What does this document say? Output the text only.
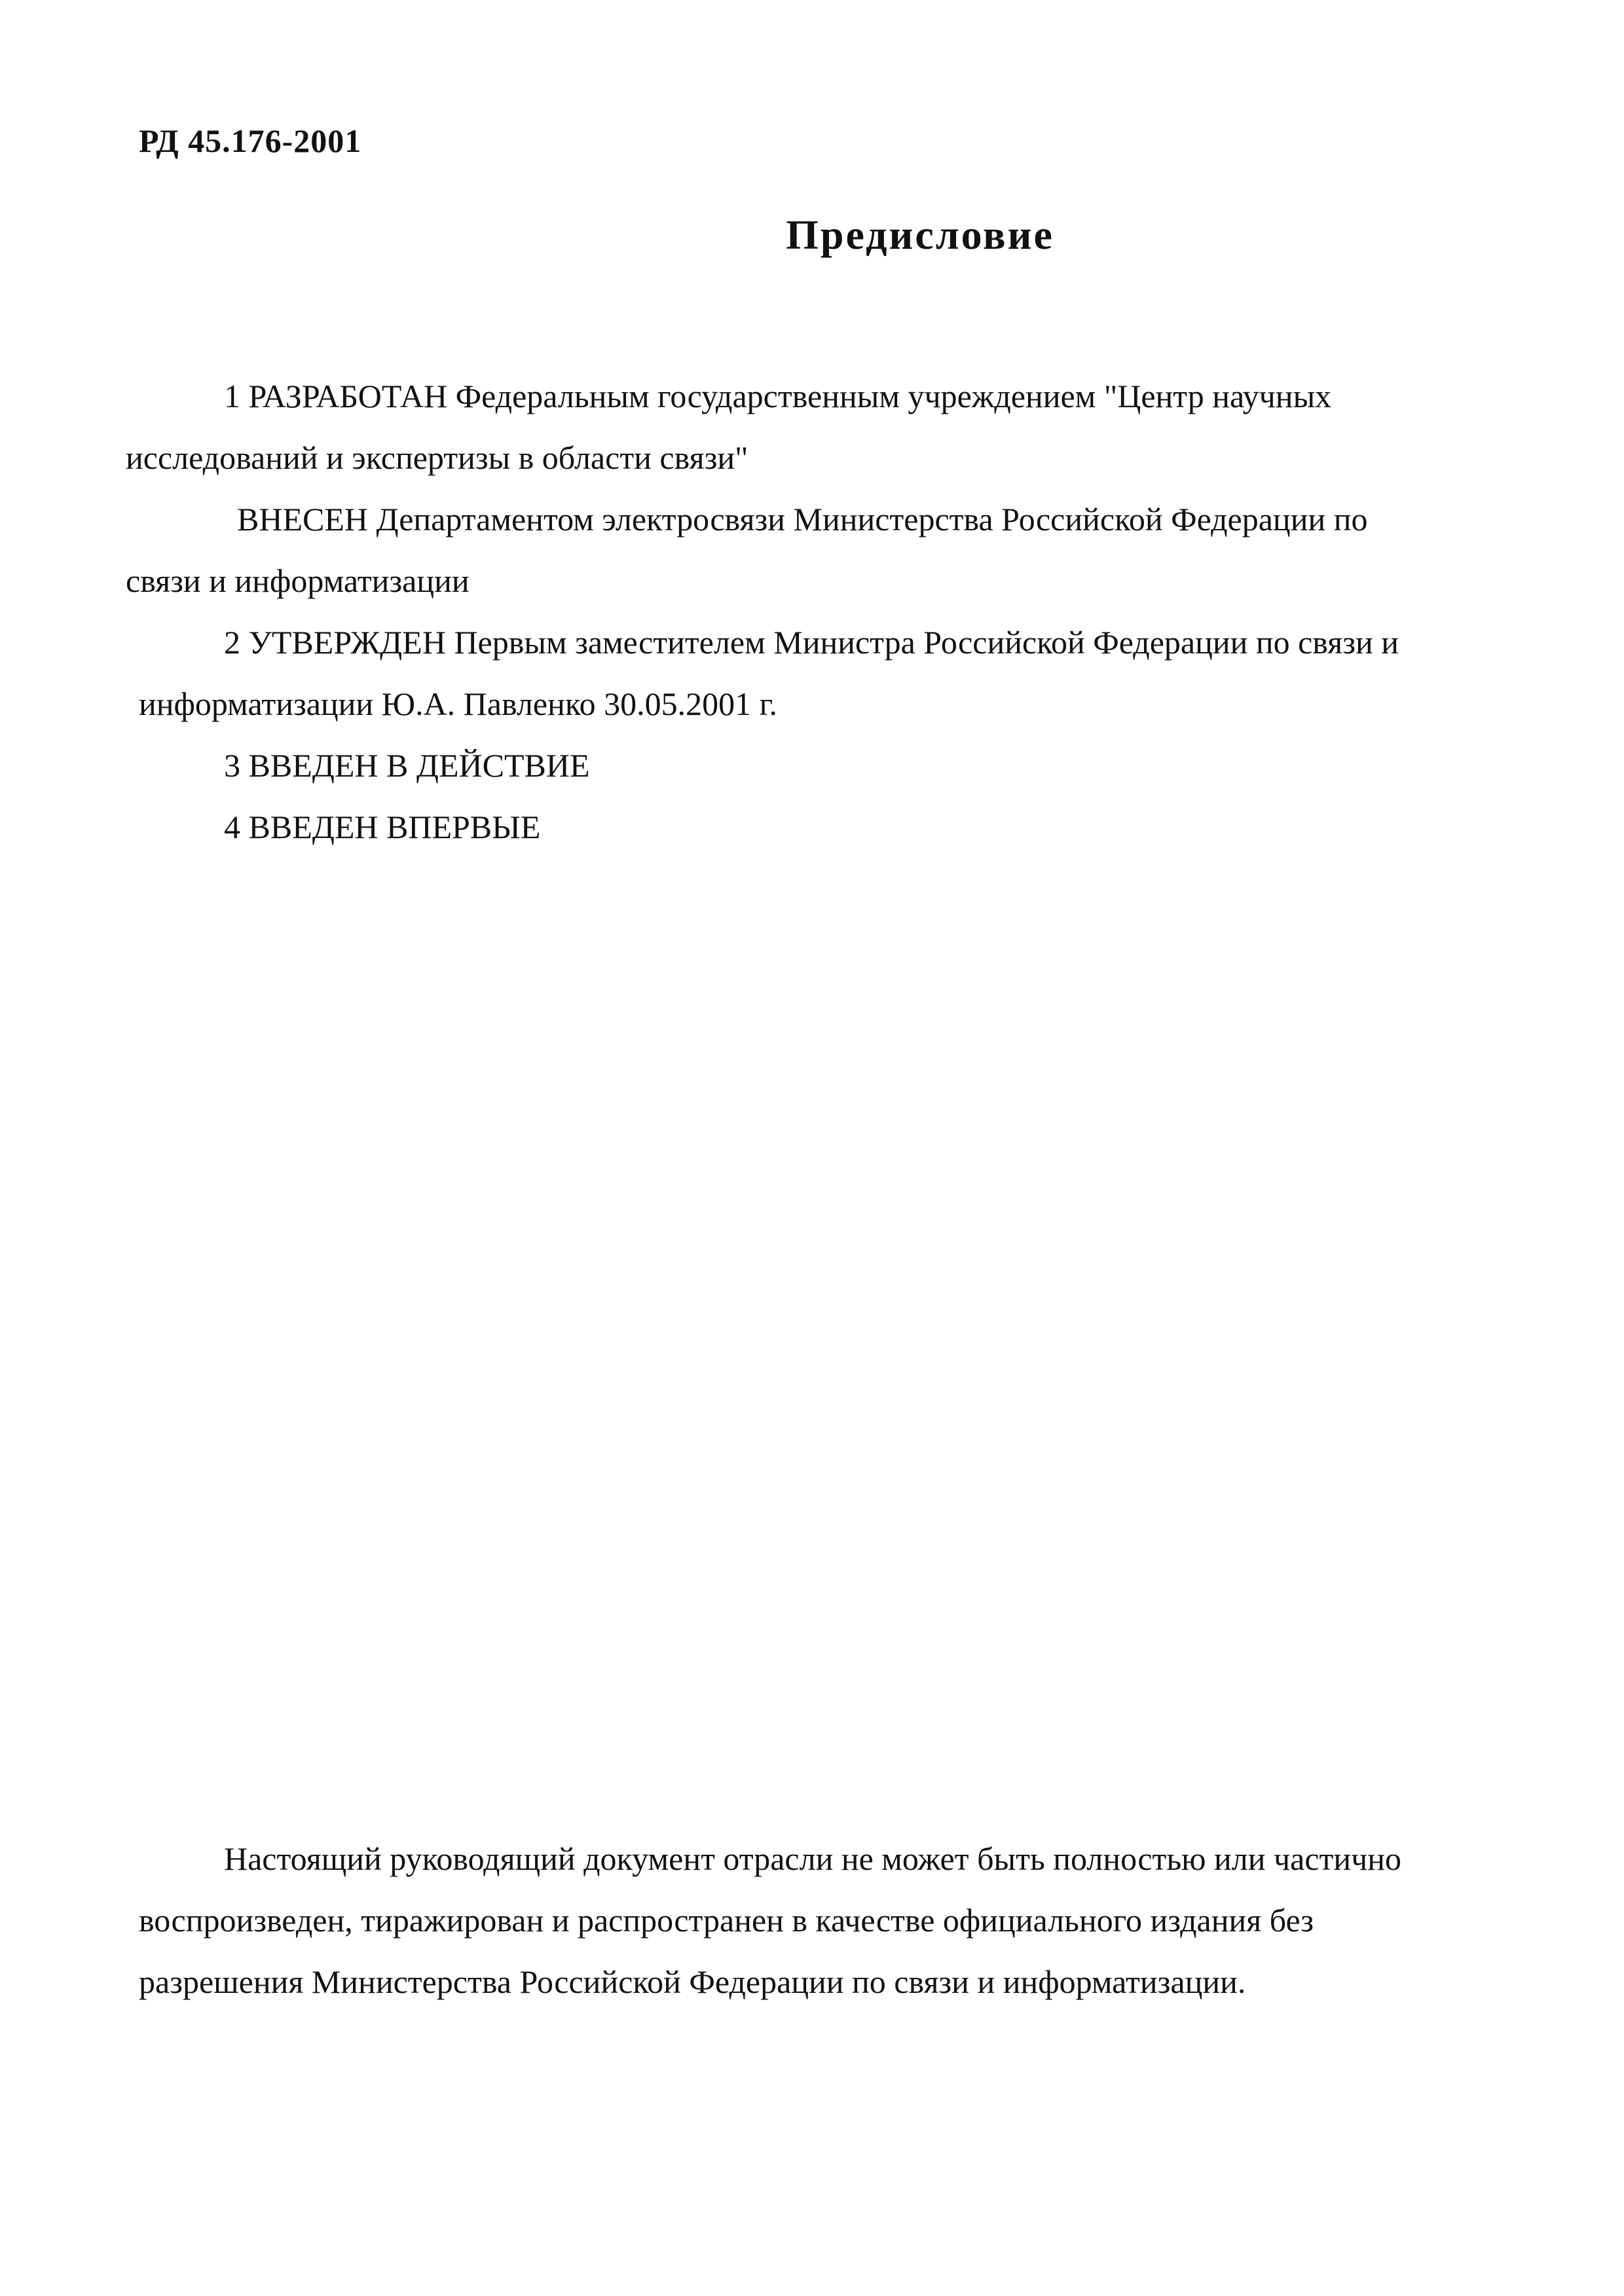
РД 45.176-2001
Предисловие
1 РАЗРАБОТАН Федеральным государственным учреждением "Центр научных
исследований и экспертизы в области связи"
ВНЕСЕН Департаментом электросвязи Министерства Российской Федерации по
связи и информатизации
2 УТВЕРЖДЕН Первым заместителем Министра Российской Федерации по связи и
информатизации Ю.А. Павленко 30.05.2001 г.
3 ВВЕДЕН В ДЕЙСТВИЕ
4 ВВЕДЕН ВПЕРВЫЕ
Настоящий руководящий документ отрасли не может быть полностью или частично
воспроизведен, тиражирован и распространен в качестве официального издания без
разрешения Министерства Российской Федерации по связи и информатизации.
